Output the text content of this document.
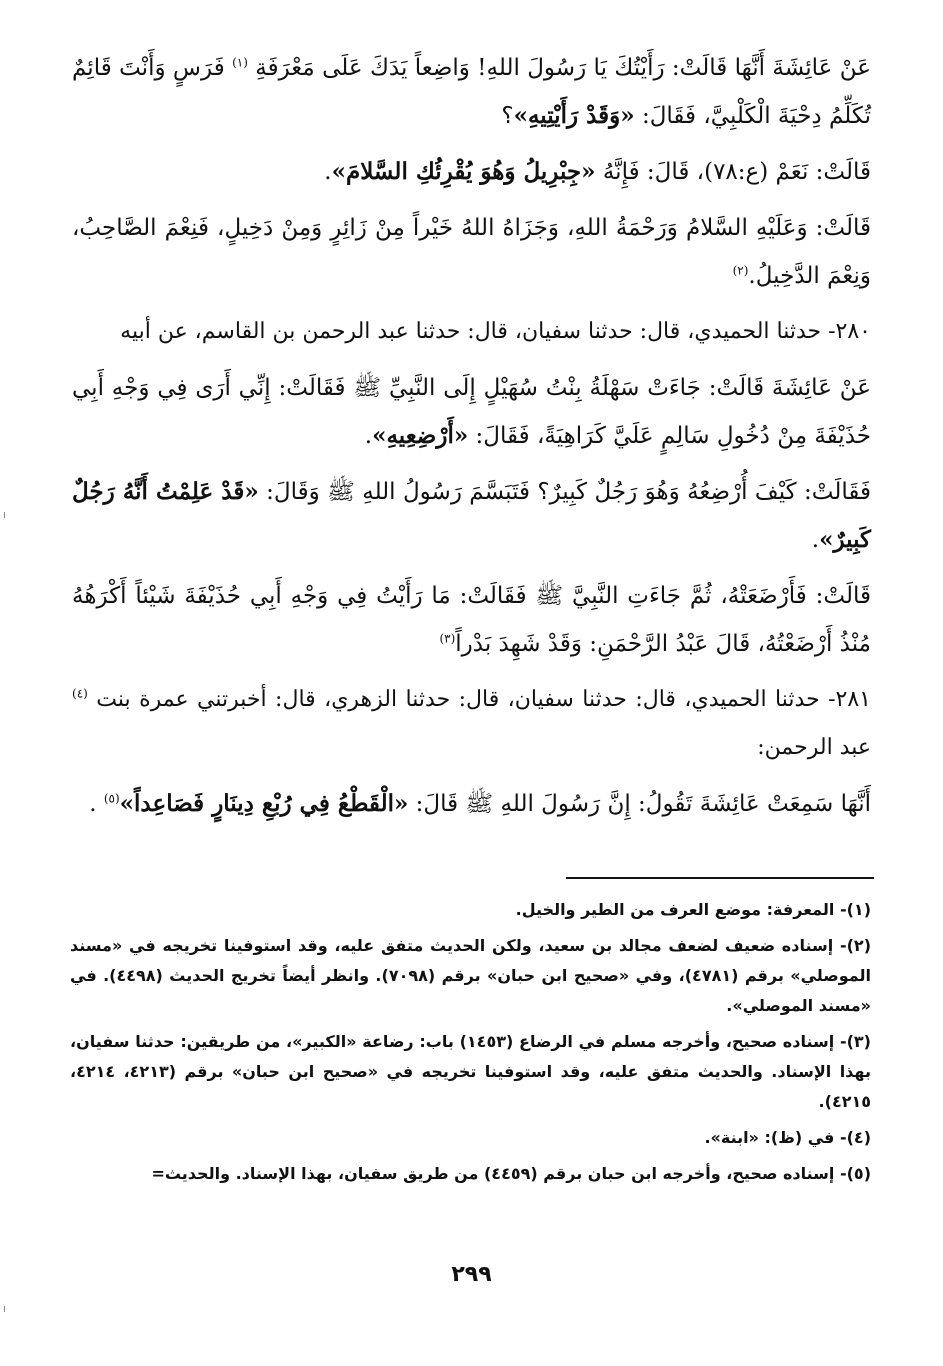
عَنْ عَائِشَةَ أَنَّهَا قَالَتْ: رَأَيْتُكَ يَا رَسُولَ اللهِ! وَاضِعاً يَدَكَ عَلَى مَعْرَفَةِ $^{(١)}$ فَرَسٍ وَأَنْتَ قَائِمٌ تُكَلِّمُ دِحْيَةَ الْكَلْبِيَّ، فَقَالَ: «وَقَدْ رَأَيْتِيهِ»؟

قَالَتْ: نَعَمْ (ع:٧٨)، قَالَ: فَإِنَّهُ «جِبْرِيلُ وَهُوَ يُقْرِئُكِ السَّلامَ».

قَالَتْ: وَعَلَيْهِ السَّلامُ وَرَحْمَةُ اللهِ، وَجَزَاهُ اللهُ خَيْراً مِنْ زَائِرٍ وَمِنْ دَخِيلٍ، فَنِعْمَ الصَّاحِبُ، وَنِعْمَ الدَّخِيلُ.$^{(٢)}$

٢٨٠- حدثنا الحميدي، قال: حدثنا سفيان، قال: حدثنا عبد الرحمن بن القاسم، عن أبيه

عَنْ عَائِشَةَ قَالَتْ: جَاءَتْ سَهْلَةُ بِنْتُ سُهَيْلٍ إِلَى النَّبِيِّ ﷺ فَقَالَتْ: إِنِّي أَرَى فِي وَجْهِ أَبِي حُذَيْفَةَ مِنْ دُخُولِ سَالِمٍ عَلَيَّ كَرَاهِيَةً، فَقَالَ: «أَرْضِعِيهِ».

فَقَالَتْ: كَيْفَ أُرْضِعُهُ وَهُوَ رَجُلٌ كَبِيرٌ؟ فَتَبَسَّمَ رَسُولُ اللهِ ﷺ وَقَالَ: «قَدْ عَلِمْتُ أَنَّهُ رَجُلٌ كَبِيرٌ».

قَالَتْ: فَأَرْضَعَتْهُ، ثُمَّ جَاءَتِ النَّبِيَّ ﷺ فَقَالَتْ: مَا رَأَيْتُ فِي وَجْهِ أَبِي حُذَيْفَةَ شَيْئاً أَكْرَهُهُ مُنْذُ أَرْضَعْتُهُ، قَالَ عَبْدُ الرَّحْمَنِ: وَقَدْ شَهِدَ بَدْراً$^{(٣)}$

٢٨١- حدثنا الحميدي، قال: حدثنا سفيان، قال: حدثنا الزهري، قال: أخبرتني عمرة بنت $^{(٤)}$ عبد الرحمن:

أَنَّهَا سَمِعَتْ عَائِشَةَ تَقُولُ: إِنَّ رَسُولَ اللهِ ﷺ قَالَ: «الْقَطْعُ فِي رُبْعِ دِينَارٍ فَصَاعِداً»$^{(٥)}$ .

(١)- المعرفة: موضع العرف من الطير والخيل.

(٢)- إسناده ضعيف لضعف مجالد بن سعيد، ولكن الحديث متفق عليه، وقد استوفينا تخريجه في «مسند الموصلي» برقم (٤٧٨١)، وفي «صحيح ابن حبان» برقم (٧٠٩٨). وانظر أيضاً تخريج الحديث (٤٤٩٨). في «مسند الموصلي».

(٣)- إسناده صحيح، وأخرجه مسلم في الرضاع (١٤٥٣) باب: رضاعة «الكبير»، من طريقين: حدثنا سفيان، بهذا الإسناد. والحديث متفق عليه، وقد استوفينا تخريجه في «صحيح ابن حبان» برقم (٤٢١٣، ٤٢١٤، ٤٢١٥).

(٤)- في (ظ): «ابنة».

(٥)- إسناده صحيح، وأخرجه ابن حبان برقم (٤٤٥٩) من طريق سفيان، بهذا الإسناد. والحديث=

٢٩٩
